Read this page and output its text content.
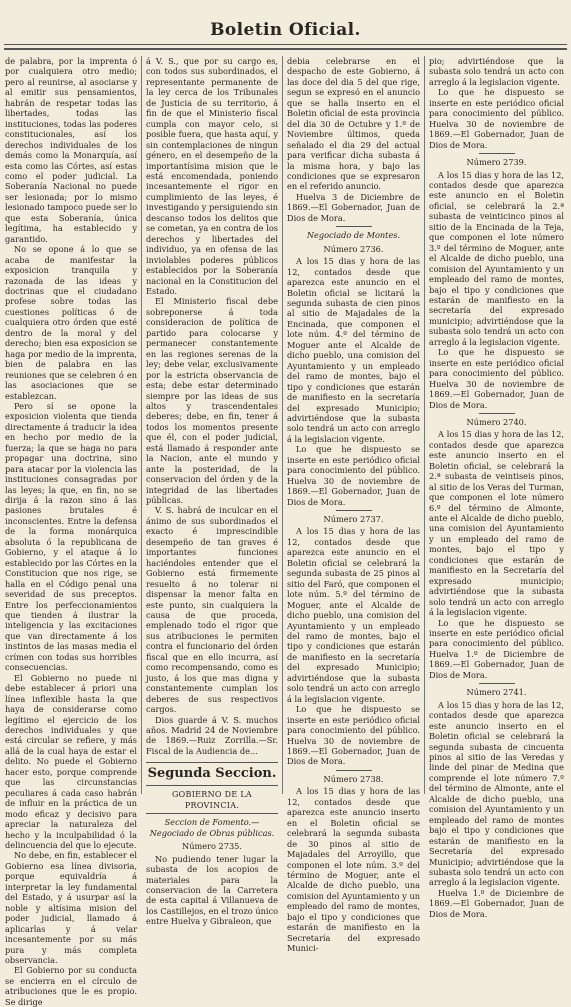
Boletin Oficial.

de palabra, por la imprenta ó por cualquiera otro medio; pero al reunirse, al asociarse y al emitir sus pensamientos, habrán de respetar todas las libertades, todas las instituciones, todas las poderes constitucionales, así los derechos individuales de los demás como la Monarquía, así esta como las Córtes, así estas como el poder judicial. La Soberanía Nacional no puede ser lesionada; por lo mismo lesionado tampoco puede ser lo que esta Soberanía, única legítima, ha establecido y garantido.

No se opone á lo que se acaba de manifestar la exposicion tranquila y razonada de las ideas y doctrinas que el ciudadano profese sobre todas las cuestiones políticas ó de cualquiera otro órden que esté dentro de la moral y del derecho; bien esa exposicion se haga por medio de la imprenta, bien de palabra en las reuniones que se celebren ó en las asociaciones que se establezcan.

Pero sí se opone la exposicion violenta que tienda directamente á traducir la idea en hecho por medio de la fuerza; la que se haga no para propagar una doctrina, sino para atacar por la violencia las instituciones consagradas por las leyes; la que, en fin, no se dirija á la razon sino á las pasiones brutales é inconscientes. Entre la defensa de la forma monárquica absoluta ó la republicana de Gobierno, y el ataque á lo establecido por las Córtes en la Constitucion que nos rige, se halla en el Código penal una severidad de sus preceptos. Entre los perfeccionamientos que tienden á ilustrar la inteligencia y las excitaciones que van directamente á los instintos de las masas media el crímen con todas sus horribles consecuencias.

El Gobierno no puede ni debe establecer á priori una línea inflexible hasta la que haya de considerarse como legítimo el ejercicio de los derechos individuales y que está circular se refiere, y más allá de la cual haya de estar el delito. No puede el Gobierno hacer esto, porque comprende que las circunstancias peculiares á cada caso habrán de influir en la práctica de un modo eficaz y decisivo para apreciar la naturaleza del hecho y la inculpabilidad ó la delincuencia del que lo ejecute.

No debe, en fin, establecer el Gobierno esa línea divisoria, porque equivaldría á interpretar la ley fundamental del Estado, y á usurpar así la noble y altísima mision del poder judicial, llamado á aplicarlas y á velar incesantemente por su más pura y más completa observancia.

El Gobierno por su conducta se encierra en el círculo de atribuciones que le es propio. Se dirige

á V. S., que por su cargo es, con todos sus subordinados, el representante permanente de la ley cerca de los Tribunales de Justicia de su territorio, á fin de que el Ministerio fiscal cumpla con mayor celo, si posible fuera, que hasta aquí, y sin contemplaciones de ningun género, en el desempeño de la importantísima mision que le está encomendada, poniendo incesantemente el rigor en cumplimiento de las leyes, é investigando y persiguiendo sin descanso todos los delitos que se cometan, ya en contra de los derechos y libertades del individuo, ya en ofensa de las inviolables poderes públicos establecidos por la Soberanía nacional en la Constitucion del Estado.

El Ministerio fiscal debe sobreponerse á toda consideracion de política de partido para colocarse y permanecer constantemente en las regiones serenas de la ley; debe velar, exclusivamente por la estricta observancia de esta; debe estar determinado siempre por las ideas de sus altos y trascendentales deberes; debe, en fin, tener á todos los momentos presente que él, con el poder judicial, está llamado á responder ante la Nacion, ante el mundo y ante la posteridad, de la conservacion del órden y de la integridad de las libertades públicas.

V. S. habrá de inculcar en el ánimo de sus subordinados el exacto é imprescindible desempeño de tan graves é importantes funciones haciéndoles entender que el Gobierno está firmemente resuelto á no tolerar ni dispensar la menor falta en este punto, sin cualquiera la causa de que proceda, emplenado todo el rigor que sus atribuciones le permiten contra el funcionario del órden fiscal que en ello incurra, así como recompensando, como es justo, á los que mas digna y constantemente cumplan los deberes de sus respectivos cargos.

Dios guarde á V. S. muchos años. Madrid 24 de Noviembre de 1869.—Ruiz Zorrilla.—Sr. Fiscal de la Audiencia de...

Segunda Seccion.
GOBIERNO DE LA PROVINCIA.

Seccion de Fomento.—Negociado de Obras públicas.

Número 2735.

No pudiendo tener lugar la subasta de los acopios de materiales para la conservacion de la Carretera de esta capital á Villanueva de los Castillejos, en el trozo único entre Huelva y Gibraleon, que

debia celebrarse en el despacho de este Gobierno, á las doce del dia 5 del que rige, segun se expresó en el anuncio que se halla inserto en el Boletin oficial de esta provincia del dia 30 de Octubre y 1.º de Noviembre últimos, queda señalado el dia 29 del actual para verificar dicha subasta á la misma hora, y bajo las condiciones que se expresaron en el referido anuncio.

Huelva 3 de Diciembre de 1869.—El Gobernador, Juan de Dios de Mora.

Negociado de Montes.

Número 2736.

A los 15 dias y hora de las 12, contados desde que aparezca este anuncio en el Boletin oficial se licitará la segunda subasta de cien pinos al sitio de Majadales de la Encinada, que componen el lote núm. 4.º del término de Moguer ante el Alcalde de dicho pueblo, una comision del Ayuntamiento y un empleado del ramo de montes, bajo el tipo y condiciones que estarán de manifiesto en la secretaría del expresado Municipio; advirtiéndose que la subasta solo tendrá un acto con arreglo á la legislacion vigente.

Lo que he dispuesto se inserte en este periódico oficial para conocimiento del público. Huelva 30 de noviembre de 1869.—El Gobernador, Juan de Dios de Mora.

Número 2737.

A los 15 dias y hora de las 12, contados desde que aparezca este anuncio en el Boletin oficial se celebrará la segunda subasta de 25 pinos al sitio del Faró, que componen el lote núm. 5.º del término de Moguer, ante el Alcalde de dicho pueblo, una comision del Ayuntamiento y un empleado del ramo de montes, bajo el tipo y condiciones que estarán de manifiesto en la secretaría del expresado Municipio; advirtiéndose que la subasta solo tendrá un acto con arreglo á la legislacion vigente.

Lo que he dispuesto se inserte en este periódico oficial para conocimiento del público. Huelva 30 de noviembre de 1869.—El Gobernador, Juan de Dios de Mora.

Número 2738.

A los 15 dias y hora de las 12, contados desde que aparezca este anuncio inserto en el Boletin oficial se celebrará la segunda subasta de 30 pinos al sitio de Majadales del Arroyillo, que componen el lote núm. 3.º del término de Moguer, ante el Alcalde de dicho pueblo, una comision del Ayuntamiento y un empleado del ramo de montes, bajo el tipo y condiciones que estarán de manifiesto en la Secretaría del expresado Munici-

pio; advirtiéndose que la subasta solo tendrá un acto con arreglo á la legislacion vigente.

Lo que he dispuesto se inserte en este periódico oficial para conocimiento del público. Huelva 30 de noviembre de 1869.—El Gobernador, Juan de Dios de Mora.

Número 2739.

A los 15 dias y hora de las 12, contados desde que aparezca este anuncio en el Boletin oficial, se celebrará la 2.ª subasta de veinticinco pinos al sitio de la Encinada de la Teja, que componen el lote número 3.º del término de Moguer, ante el Alcalde de dicho pueblo, una comision del Ayuntamiento y un empleado del ramo de montes, bajo el tipo y condiciones que estarán de manifiesto en la secretaría del expresado municipio; advirtiéndose que la subasta solo tendrá un acto con arreglo á la legislacion vigente.

Lo que he dispuesto se inserte en este periódico oficial para conocimiento del público. Huelva 30 de noviembre de 1869.—El Gobernador, Juan de Dios de Mora.

Número 2740.

A los 15 dias y hora de las 12, contados desde que aparezca este anuncio inserto en el Boletin oficial, se celebrará la 2.ª subasta de veintiseis pinos, al sitio de los Veras del Turman, que componen el lote número 6.º del término de Almonte, ante el Alcalde de dicho pueblo, una comision del Ayuntamiento y un empleado del ramo de montes, bajo el tipo y condiciones que estarán de manifiesto en la Secretaría del expresado municipio; advirtiéndose que la subasta solo tendrá un acto con arreglo á la legislacion vigente.

Lo que he dispuesto se inserte en este periódico oficial para conocimiento del público. Huelva 1.º de Diciembre de 1869.—El Gobernador, Juan de Dios de Mora.

Número 2741.

A los 15 dias y hora de las 12, contados desde que aparezca este anuncio inserto en el Boletin oficial se celebrará la segunda subasta de cincuenta pinos al sitio de las Veredas y linde del pinar de Medina que comprende el lote número 7.º del término de Almonte, ante el Alcalde de dicho pueblo, una comision del Ayuntamiento y un empleado del ramo de montes bajo el tipo y condiciones que estarán de manifiesto en la Secretaría del expresado Municipio; advirtiéndose que la subasta solo tendrá un acto con arreglo á la legislacion vigente.

Huelva 1.º de Diciembre de 1869.—El Gobernador, Juan de Dios de Mora.
